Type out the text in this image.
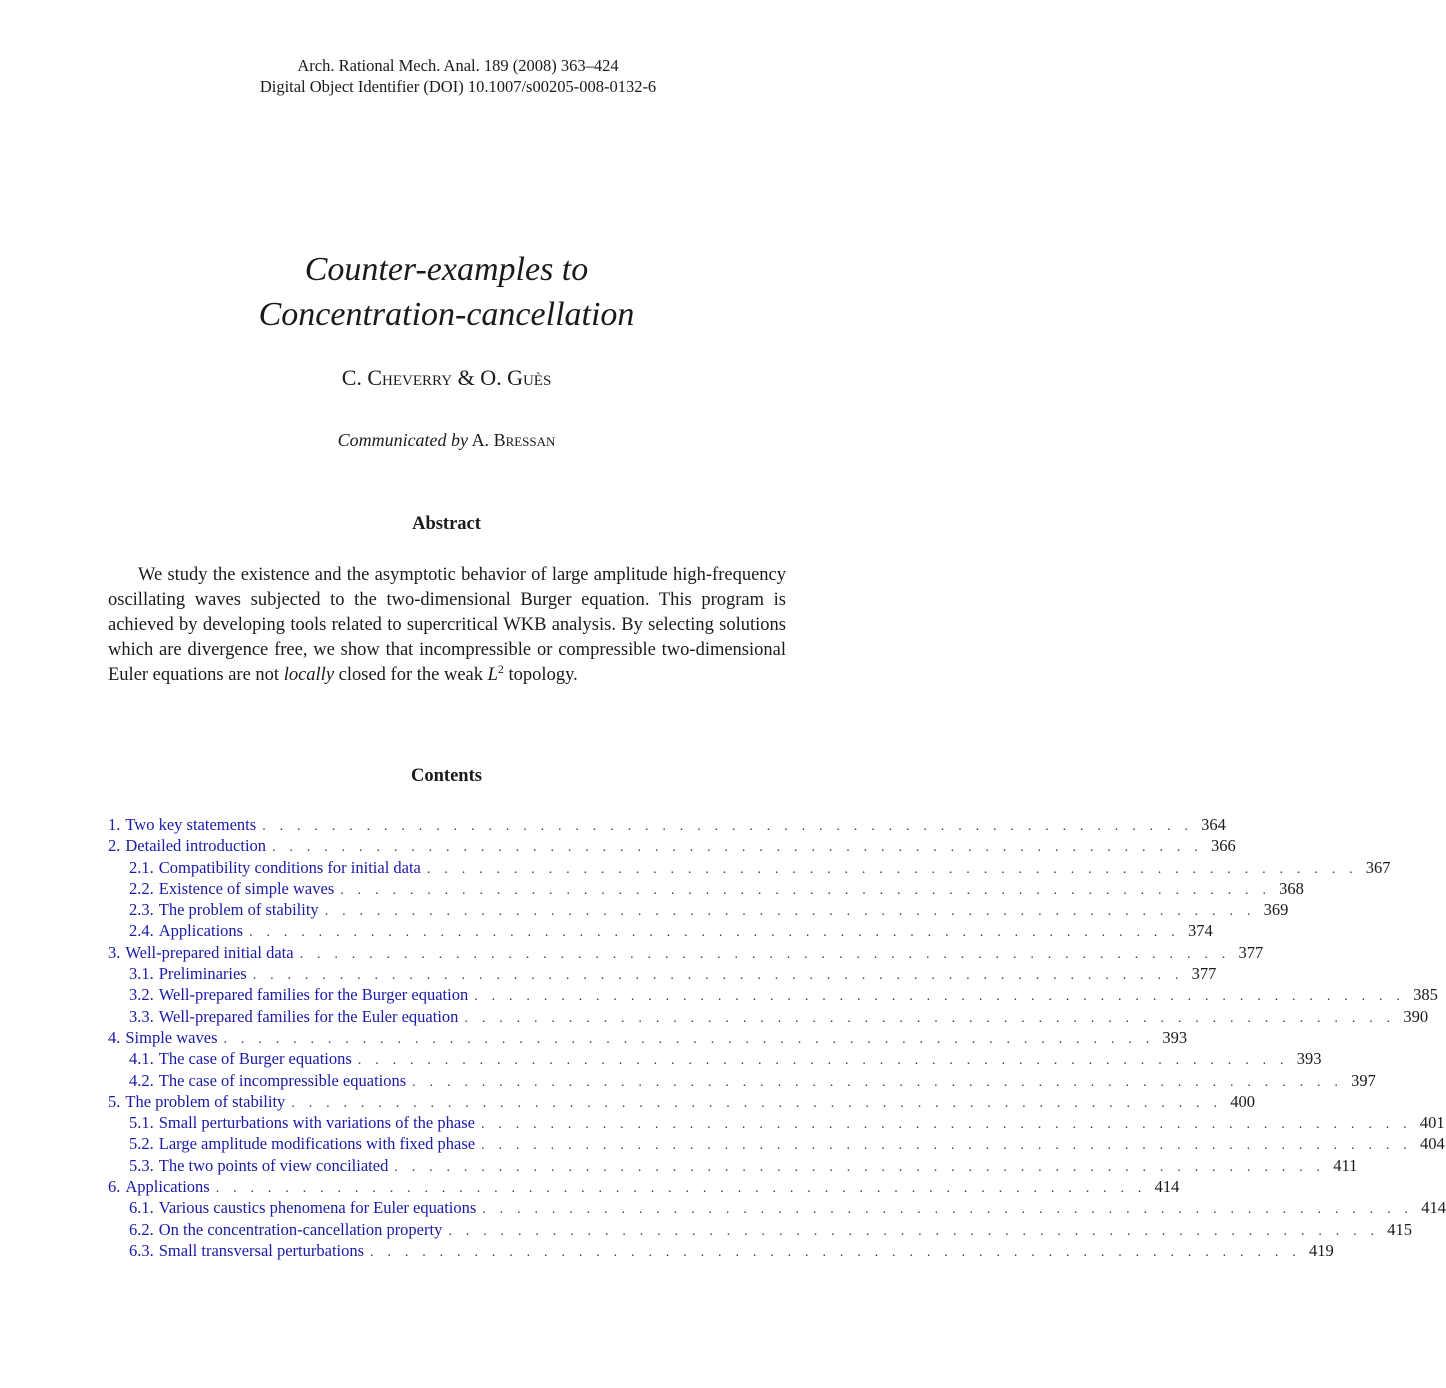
Arch. Rational Mech. Anal. 189 (2008) 363–424
Digital Object Identifier (DOI) 10.1007/s00205-008-0132-6
Counter-examples to
Concentration-cancellation
C. Cheverry & O. Guès
Communicated by A. Bressan
Abstract
We study the existence and the asymptotic behavior of large amplitude high-frequency oscillating waves subjected to the two-dimensional Burger equation. This program is achieved by developing tools related to supercritical WKB analysis. By selecting solutions which are divergence free, we show that incompressible or compressible two-dimensional Euler equations are not locally closed for the weak $L^2$ topology.
Contents
1. Two key statements . . . . . . . . . . . . . . . . . . . . . . . . . . . . . . . . . . . . . . . . . . . . . . . . . . . . . . 364
2. Detailed introduction . . . . . . . . . . . . . . . . . . . . . . . . . . . . . . . . . . . . . . . . . . . . . . . . . . . . . . 366
2.1. Compatibility conditions for initial data . . . . . . . . . . . . . . . . . . . . . . . . . . . . . . . . . . . . . . . . . . . . . . . . . . . . . . 367
2.2. Existence of simple waves . . . . . . . . . . . . . . . . . . . . . . . . . . . . . . . . . . . . . . . . . . . . . . . . . . . . . . 368
2.3. The problem of stability . . . . . . . . . . . . . . . . . . . . . . . . . . . . . . . . . . . . . . . . . . . . . . . . . . . . . . 369
2.4. Applications . . . . . . . . . . . . . . . . . . . . . . . . . . . . . . . . . . . . . . . . . . . . . . . . . . . . . . 374
3. Well-prepared initial data . . . . . . . . . . . . . . . . . . . . . . . . . . . . . . . . . . . . . . . . . . . . . . . . . . . . . . 377
3.1. Preliminaries . . . . . . . . . . . . . . . . . . . . . . . . . . . . . . . . . . . . . . . . . . . . . . . . . . . . . . 377
3.2. Well-prepared families for the Burger equation . . . . . . . . . . . . . . . . . . . . . . . . . . . . . . . . . . . . . . . . . . . . . . . . . . . . . . 385
3.3. Well-prepared families for the Euler equation . . . . . . . . . . . . . . . . . . . . . . . . . . . . . . . . . . . . . . . . . . . . . . . . . . . . . . 390
4. Simple waves . . . . . . . . . . . . . . . . . . . . . . . . . . . . . . . . . . . . . . . . . . . . . . . . . . . . . . 393
4.1. The case of Burger equations . . . . . . . . . . . . . . . . . . . . . . . . . . . . . . . . . . . . . . . . . . . . . . . . . . . . . . 393
4.2. The case of incompressible equations . . . . . . . . . . . . . . . . . . . . . . . . . . . . . . . . . . . . . . . . . . . . . . . . . . . . . . 397
5. The problem of stability . . . . . . . . . . . . . . . . . . . . . . . . . . . . . . . . . . . . . . . . . . . . . . . . . . . . . . 400
5.1. Small perturbations with variations of the phase . . . . . . . . . . . . . . . . . . . . . . . . . . . . . . . . . . . . . . . . . . . . . . . . . . . . . . 401
5.2. Large amplitude modifications with fixed phase . . . . . . . . . . . . . . . . . . . . . . . . . . . . . . . . . . . . . . . . . . . . . . . . . . . . . . 404
5.3. The two points of view conciliated . . . . . . . . . . . . . . . . . . . . . . . . . . . . . . . . . . . . . . . . . . . . . . . . . . . . . . 411
6. Applications . . . . . . . . . . . . . . . . . . . . . . . . . . . . . . . . . . . . . . . . . . . . . . . . . . . . . . 414
6.1. Various caustics phenomena for Euler equations . . . . . . . . . . . . . . . . . . . . . . . . . . . . . . . . . . . . . . . . . . . . . . . . . . . . . . 414
6.2. On the concentration-cancellation property . . . . . . . . . . . . . . . . . . . . . . . . . . . . . . . . . . . . . . . . . . . . . . . . . . . . . . 415
6.3. Small transversal perturbations . . . . . . . . . . . . . . . . . . . . . . . . . . . . . . . . . . . . . . . . . . . . . . . . . . . . . . 419
